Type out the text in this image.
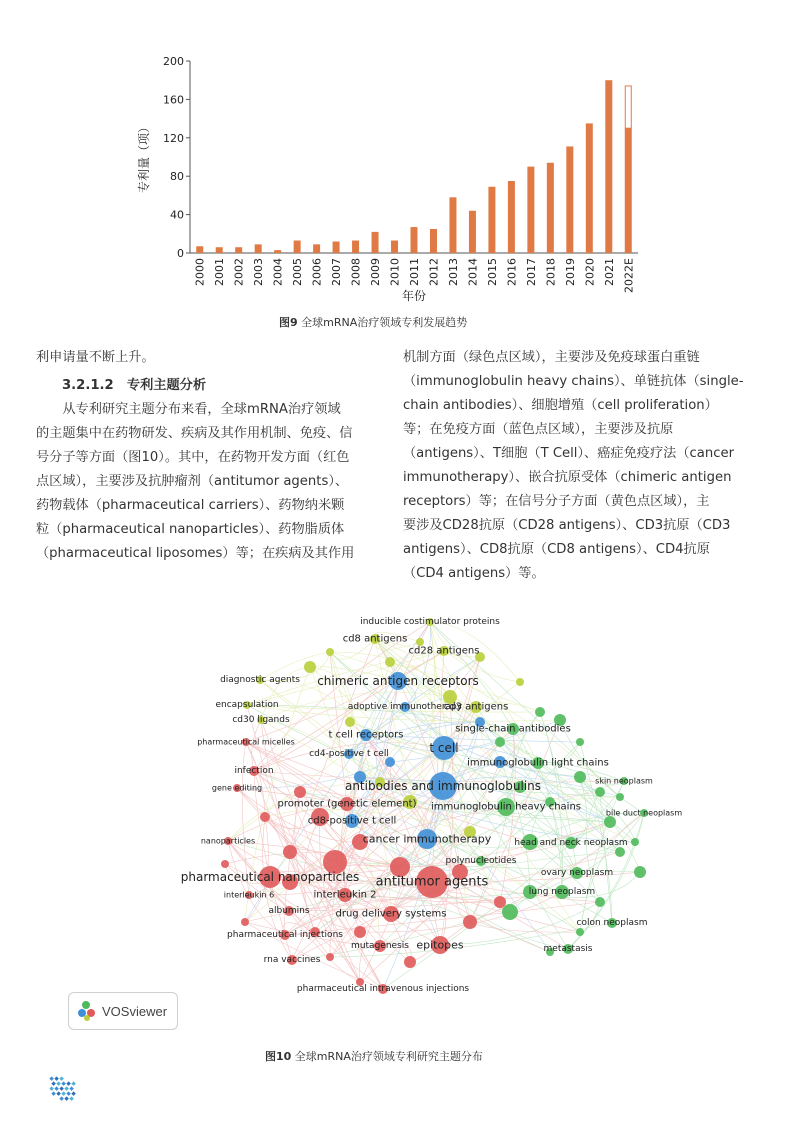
0
40
80
120
160
200
2000 2001 2002 2003 2004 2005 2006 2007 2008 2009 2010 2011 2012 2013 2014 2015 2016 2017 2018 2019 2020 2021 2022E
专利量（项）
年份
图9 全球mRNA治疗领域专利发展趋势
利申请量不断上升。
3.2.1.2　专利主题分析
　　从专利研究主题分布来看，全球mRNA治疗领域
的主题集中在药物研发、疾病及其作用机制、免疫、信
号分子等方面（图10）。其中，在药物开发方面（红色
点区域），主要涉及抗肿瘤剂（antitumor agents）、
药物载体（pharmaceutical carriers）、药物纳米颗
粒（pharmaceutical nanoparticles）、药物脂质体
（pharmaceutical liposomes）等；在疾病及其作用
机制方面（绿色点区域），主要涉及免疫球蛋白重链
（immunoglobulin heavy chains）、单链抗体（single-
chain antibodies）、细胞增殖（cell proliferation）
等；在免疫方面（蓝色点区域），主要涉及抗原
（antigens）、T细胞（T Cell）、癌症免疫疗法（cancer
immunotherapy）、嵌合抗原受体（chimeric antigen
receptors）等；在信号分子方面（黄色点区域），主
要涉及CD28抗原（CD28 antigens）、CD3抗原（CD3
antigens）、CD8抗原（CD8 antigens）、CD4抗原
（CD4 antigens）等。
inducible costimulator proteins
cd8 antigens
cd28 antigens
diagnostic agents chimeric antigen receptors
encapsulation	adoptive immunotherapy
cd3 antigens
cd30 ligands
single-chain antibodies
pharmaceutical micelles
t cell receptors
t cell
cd4-positive t cell
immunoglobulin light chains
infection
skin neoplasm
antibodies and immunoglobulins
gene editing
promoter (genetic element) immunoglobulin heavy chains
bile duct neoplasm
cd8-positive t cell
nanoparticles	cancer immunotherapy	head and neck neoplasm
polynucleotides
pharmaceutical nanoparticles	ovary neoplasm
antitumor agents
interleukin 6	interleukin 2	lung neoplasm
albumins	drug delivery systems
colon neoplasm
pharmaceutical injections
mutagenesis epitopes	metastasis
rna vaccines
pharmaceutical intravenous injections
VOSviewer
图10 全球mRNA治疗领域专利研究主题分布
